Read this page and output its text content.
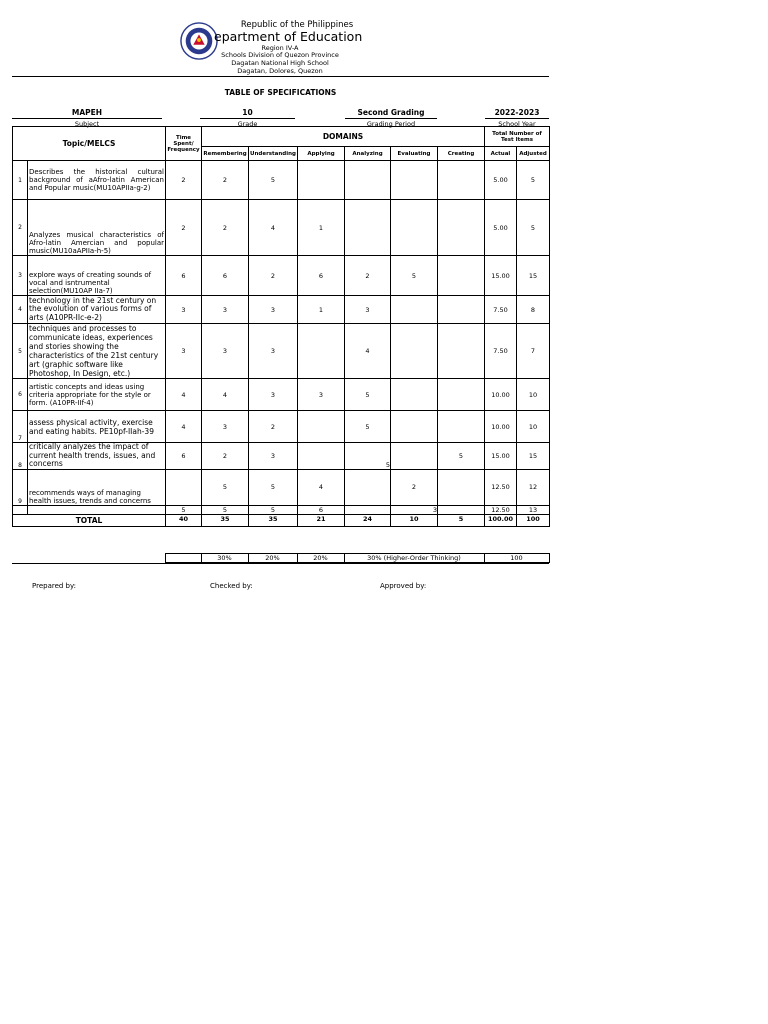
Republic of the Philippines
epartment of Education
Region IV-A
Schools Division of Quezon Province
Dagatan National High School
Dagatan, Dolores, Quezon
TABLE OF SPECIFICATIONS
MAPEH
Subject
10
Grade
Second Grading
Grading Period
2022-2023
School Year
Topic/MELCS		Time Spent/ Frequency	DOMAINS						Total Number of Test Items	
			Remembering	Understanding	Applying	Analyzing	Evaluating	Creating	Actual	Adjusted
1	Describes the historical cultural background of aAfro-latin American and Popular music(MU10APIIa-g-2)	2	2	5					5.00	5
2	Analyzes musical characteristics of Afro-latin Amercian and popular music(MU10aAPIIa-h-5)	2	2	4	1				5.00	5
3	explore ways of creating sounds of vocal and isntrumental selection(MU10AP IIa-7)	6	6	2	6	2	5		15.00	15
4	technology in the 21st century on the evolution of various forms of arts (A10PR-IIc-e-2)	3	3	3	1	3			7.50	8
5	techniques and processes to communicate ideas, experiences and stories showing the characteristics of the 21st century art (graphic software like Photoshop, In Design, etc.)	3	3	3		4			7.50	7
6	artistic concepts and ideas using criteria appropriate for the style or form. (A10PR-IIf-4)	4	4	3	3	5			10.00	10
7	assess physical activity, exercise and eating habits. PE10pf-IIah-39	4	3	2		5			10.00	10
8	critically analyzes the impact of current health trends, issues, and concerns	6	2	3		5		5	15.00	15
9	recommends ways of managing health issues, trends and concerns		5	5	4		2		12.50	12
		5	5	5	6		3		12.50	13
TOTAL		40	35	35	21	24	10	5	100.00	100
		30%	20%	20%	30% (Higher-Order Thinking)	100
Prepared by:	Checked by:	Approved by:
